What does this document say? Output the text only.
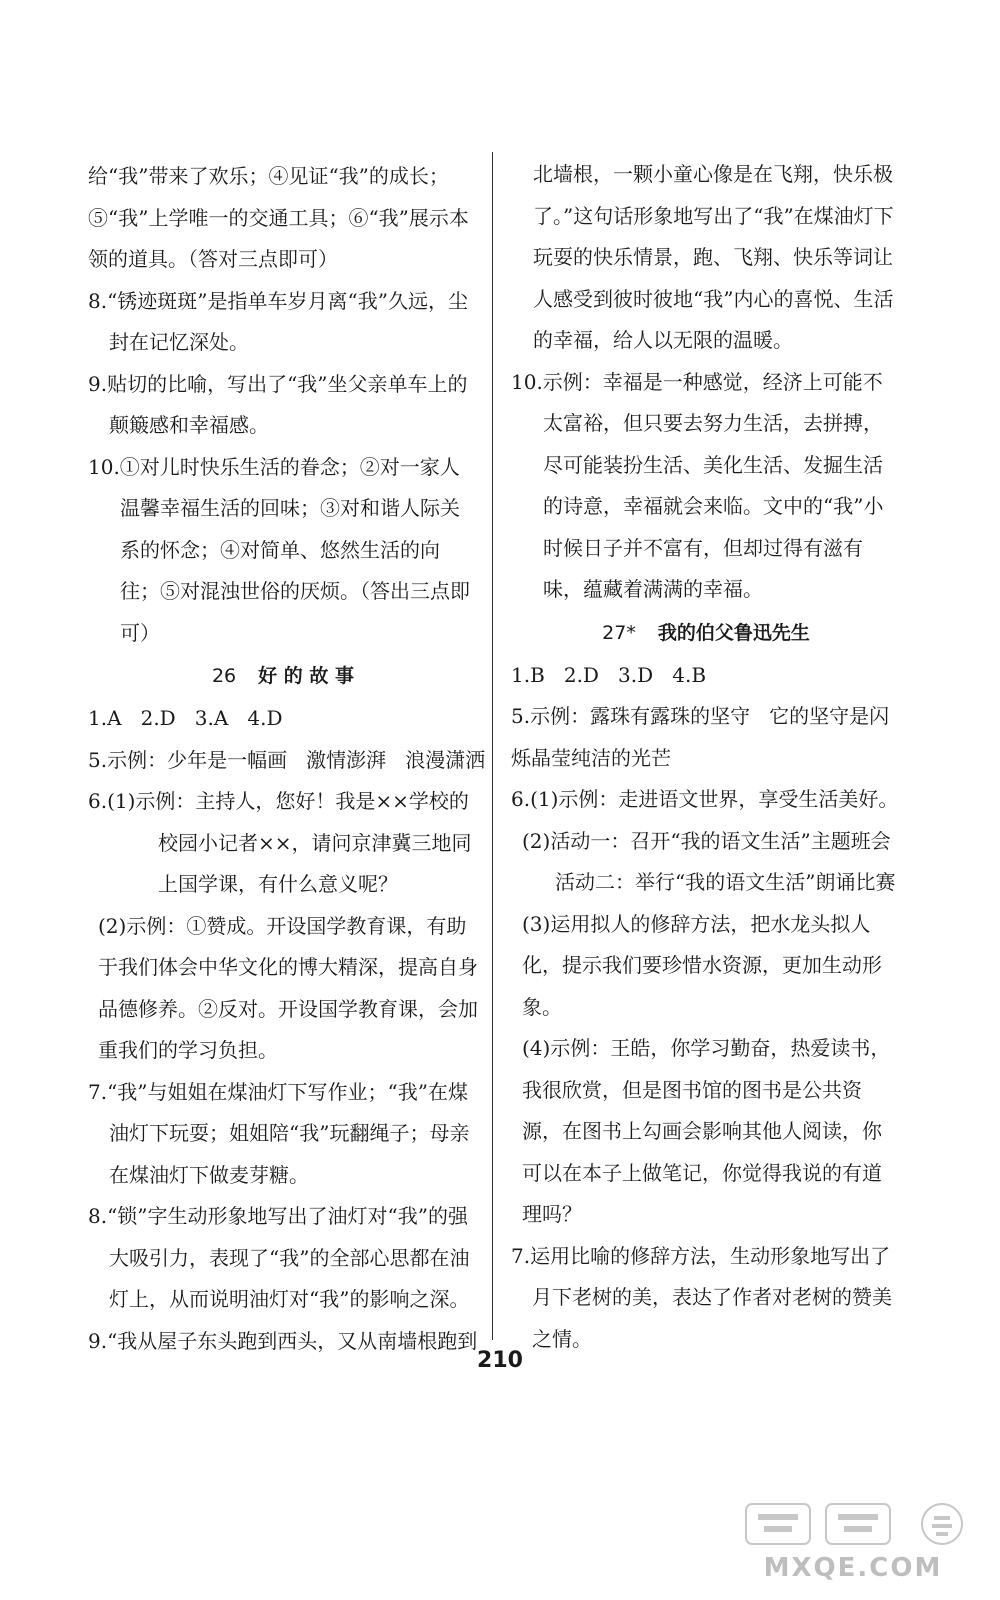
给“我”带来了欢乐；④见证“我”的成长；⑤“我”上学唯一的交通工具；⑥“我”展示本领的道具。（答对三点即可）

8.“锈迹斑斑”是指单车岁月离“我”久远，尘封在记忆深处。

9.贴切的比喻，写出了“我”坐父亲单车上的颠簸感和幸福感。

10.①对儿时快乐生活的眷念；②对一家人温馨幸福生活的回味；③对和谐人际关系的怀念；④对简单、悠然生活的向往；⑤对混浊世俗的厌烦。（答出三点即可）

26 好 的 故 事

1.A   2.D   3.A   4.D

5.示例：少年是一幅画   激情澎湃   浪漫潇洒

6.(1)示例：主持人，您好！我是××学校的校园小记者××，请问京津冀三地同上国学课，有什么意义呢？

(2)示例：①赞成。开设国学教育课，有助于我们体会中华文化的博大精深，提高自身品德修养。②反对。开设国学教育课，会加重我们的学习负担。

7.“我”与姐姐在煤油灯下写作业；“我”在煤油灯下玩耍；姐姐陪“我”玩翻绳子；母亲在煤油灯下做麦芽糖。

8.“锁”字生动形象地写出了油灯对“我”的强大吸引力，表现了“我”的全部心思都在油灯上，从而说明油灯对“我”的影响之深。

9.“我从屋子东头跑到西头，又从南墙根跑到

北墙根，一颗小童心像是在飞翔，快乐极了。”这句话形象地写出了“我”在煤油灯下玩耍的快乐情景，跑、飞翔、快乐等词让人感受到彼时彼地“我”内心的喜悦、生活的幸福，给人以无限的温暖。

10.示例：幸福是一种感觉，经济上可能不太富裕，但只要去努力生活，去拼搏，尽可能装扮生活、美化生活、发掘生活的诗意，幸福就会来临。文中的“我”小时候日子并不富有，但却过得有滋有味，蕴藏着满满的幸福。

27* 我的伯父鲁迅先生

1.B   2.D   3.D   4.B

5.示例：露珠有露珠的坚守   它的坚守是闪烁晶莹纯洁的光芒

6.(1)示例：走进语文世界，享受生活美好。

(2)活动一：召开“我的语文生活”主题班会

活动二：举行“我的语文生活”朗诵比赛

(3)运用拟人的修辞方法，把水龙头拟人化，提示我们要珍惜水资源，更加生动形象。

(4)示例：王皓，你学习勤奋，热爱读书，我很欣赏，但是图书馆的图书是公共资源，在图书上勾画会影响其他人阅读，你可以在本子上做笔记，你觉得我说的有道理吗？

7.运用比喻的修辞方法，生动形象地写出了月下老树的美，表达了作者对老树的赞美之情。

210
MXQE.COM
